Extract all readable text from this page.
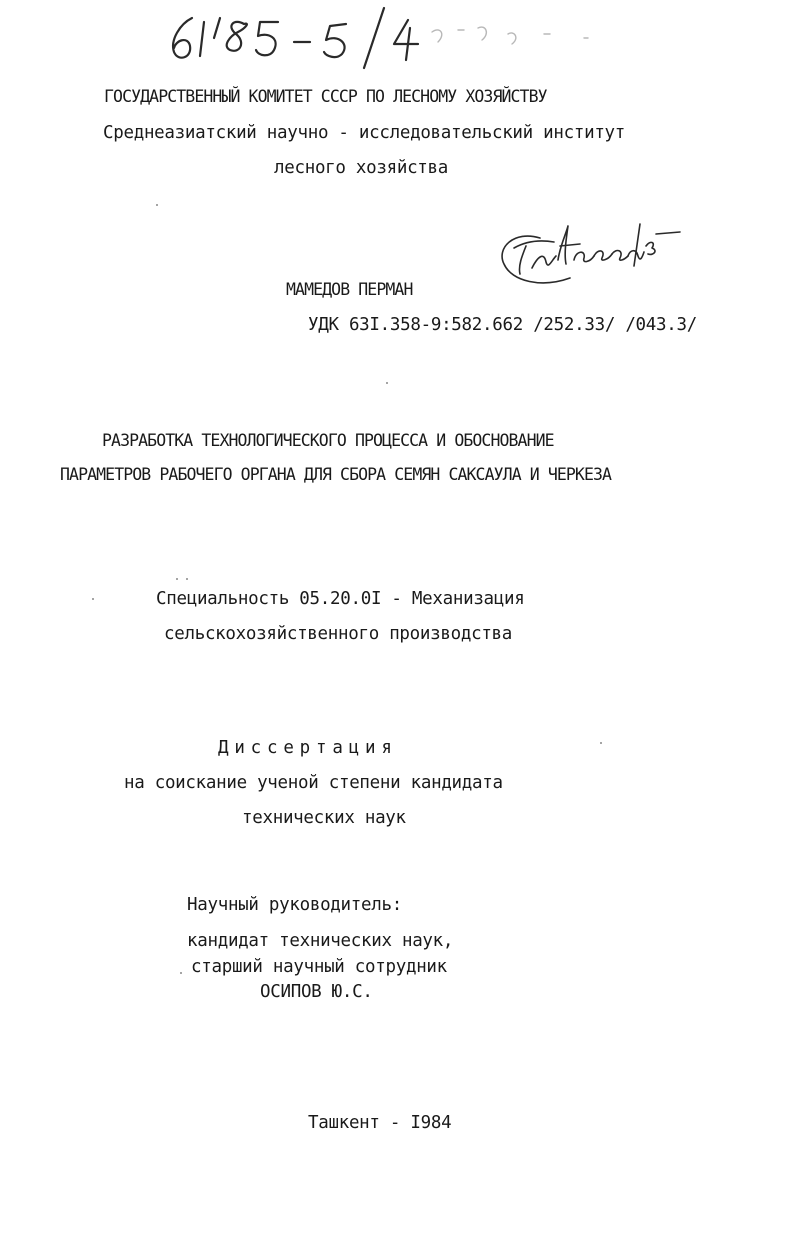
ГОСУДАРСТВЕННЫЙ КОМИТЕТ СССР ПО ЛЕСНОМУ ХОЗЯЙСТВУ
Среднеазиатский научно - исследовательский институт
лесного хозяйства
МАМЕДОВ ПЕРМАН
УДК 63I.358-9:582.662 /252.33/ /043.3/
РАЗРАБОТКА ТЕХНОЛОГИЧЕСКОГО ПРОЦЕССА И ОБОСНОВАНИЕ
ПАРАМЕТРОВ РАБОЧЕГО ОРГАНА ДЛЯ СБОРА СЕМЯН САКСАУЛА И ЧЕРКЕЗА
Специальность 05.20.0I - Механизация
сельскохозяйственного производства
Диссертация
на соискание ученой степени кандидата
технических наук
Научный руководитель:
кандидат технических наук,
старший научный сотрудник
ОСИПОВ Ю.С.
Ташкент - I984
